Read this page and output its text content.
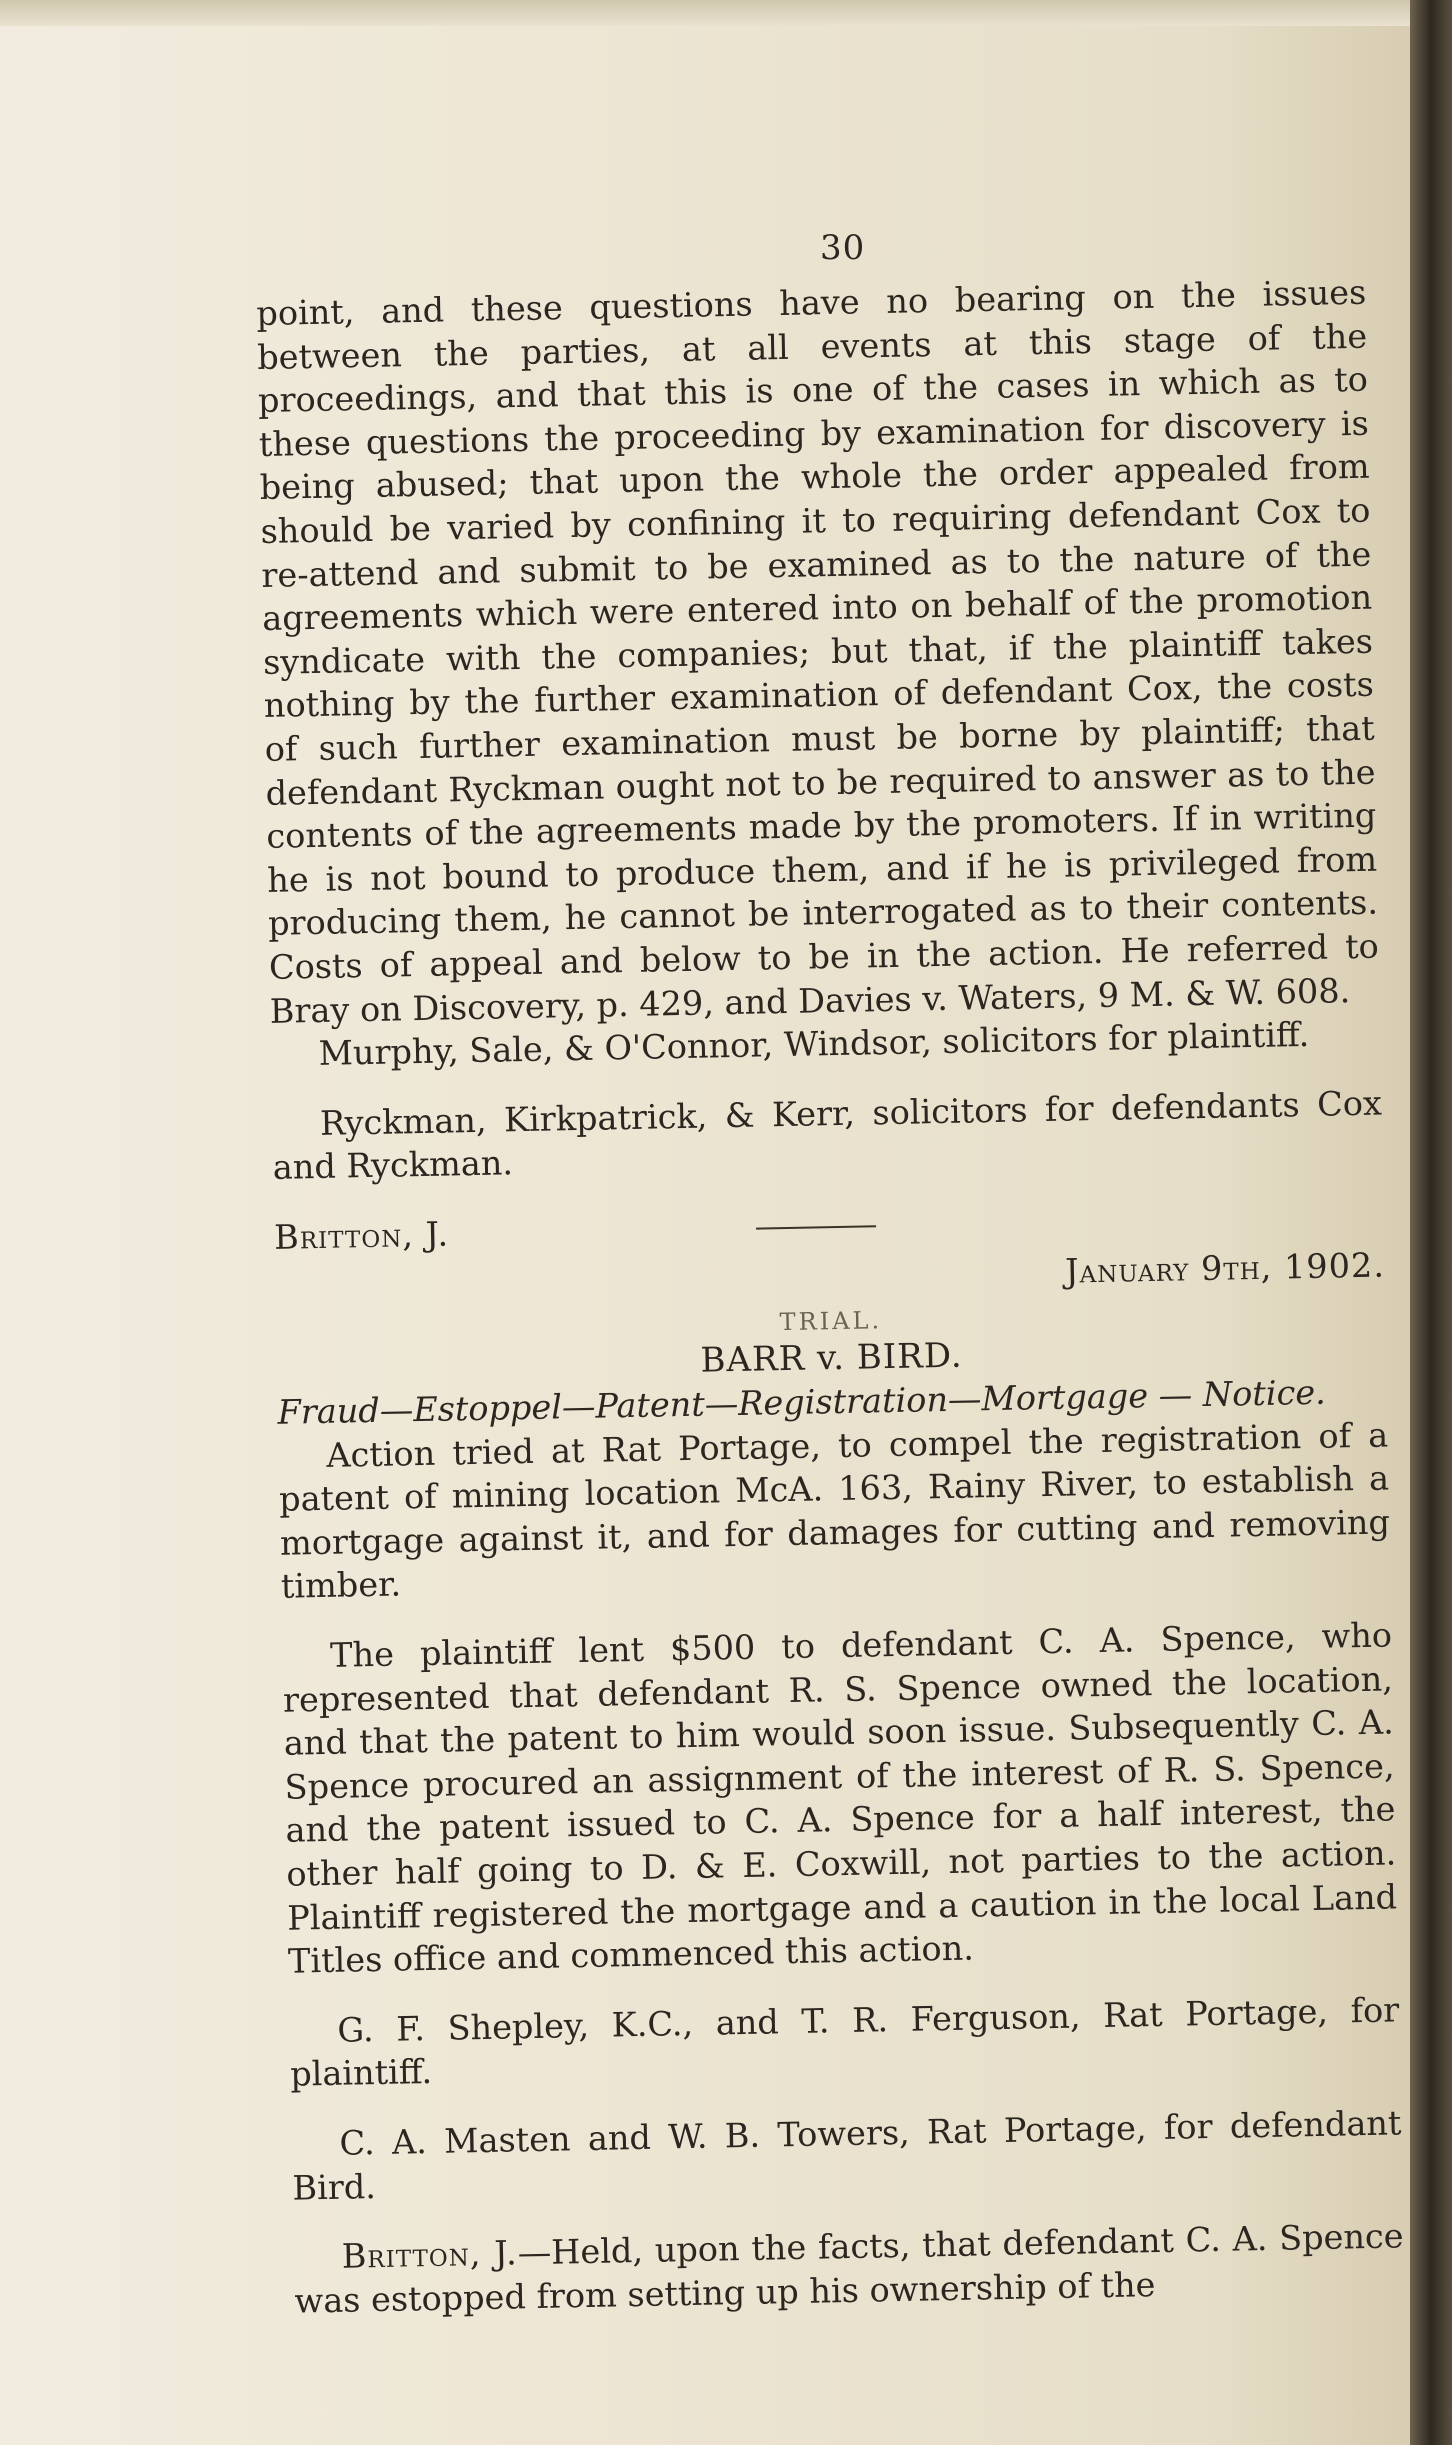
30

point, and these questions have no bearing on the issues between the parties, at all events at this stage of the proceedings, and that this is one of the cases in which as to these questions the proceeding by examination for discovery is being abused; that upon the whole the order appealed from should be varied by confining it to requiring defendant Cox to re-attend and submit to be examined as to the nature of the agreements which were entered into on behalf of the promotion syndicate with the companies; but that, if the plaintiff takes nothing by the further examination of defendant Cox, the costs of such further examination must be borne by plaintiff; that defendant Ryckman ought not to be required to answer as to the contents of the agreements made by the promoters. If in writing he is not bound to produce them, and if he is privileged from producing them, he cannot be interrogated as to their contents. Costs of appeal and below to be in the action. He referred to Bray on Discovery, p. 429, and Davies v. Waters, 9 M. & W. 608.

Murphy, Sale, & O'Connor, Windsor, solicitors for plaintiff.

Ryckman, Kirkpatrick, & Kerr, solicitors for defendants Cox and Ryckman.

Britton, J.
January 9th, 1902.
TRIAL.
BARR v. BIRD.

Fraud—Estoppel—Patent—Registration—Mortgage — Notice.

Action tried at Rat Portage, to compel the registration of a patent of mining location McA. 163, Rainy River, to establish a mortgage against it, and for damages for cutting and removing timber.

The plaintiff lent $500 to defendant C. A. Spence, who represented that defendant R. S. Spence owned the location, and that the patent to him would soon issue. Subsequently C. A. Spence procured an assignment of the interest of R. S. Spence, and the patent issued to C. A. Spence for a half interest, the other half going to D. & E. Coxwill, not parties to the action. Plaintiff registered the mortgage and a caution in the local Land Titles office and commenced this action.

G. F. Shepley, K.C., and T. R. Ferguson, Rat Portage, for plaintiff.

C. A. Masten and W. B. Towers, Rat Portage, for defendant Bird.

Britton, J.—Held, upon the facts, that defendant C. A. Spence was estopped from setting up his ownership of the
